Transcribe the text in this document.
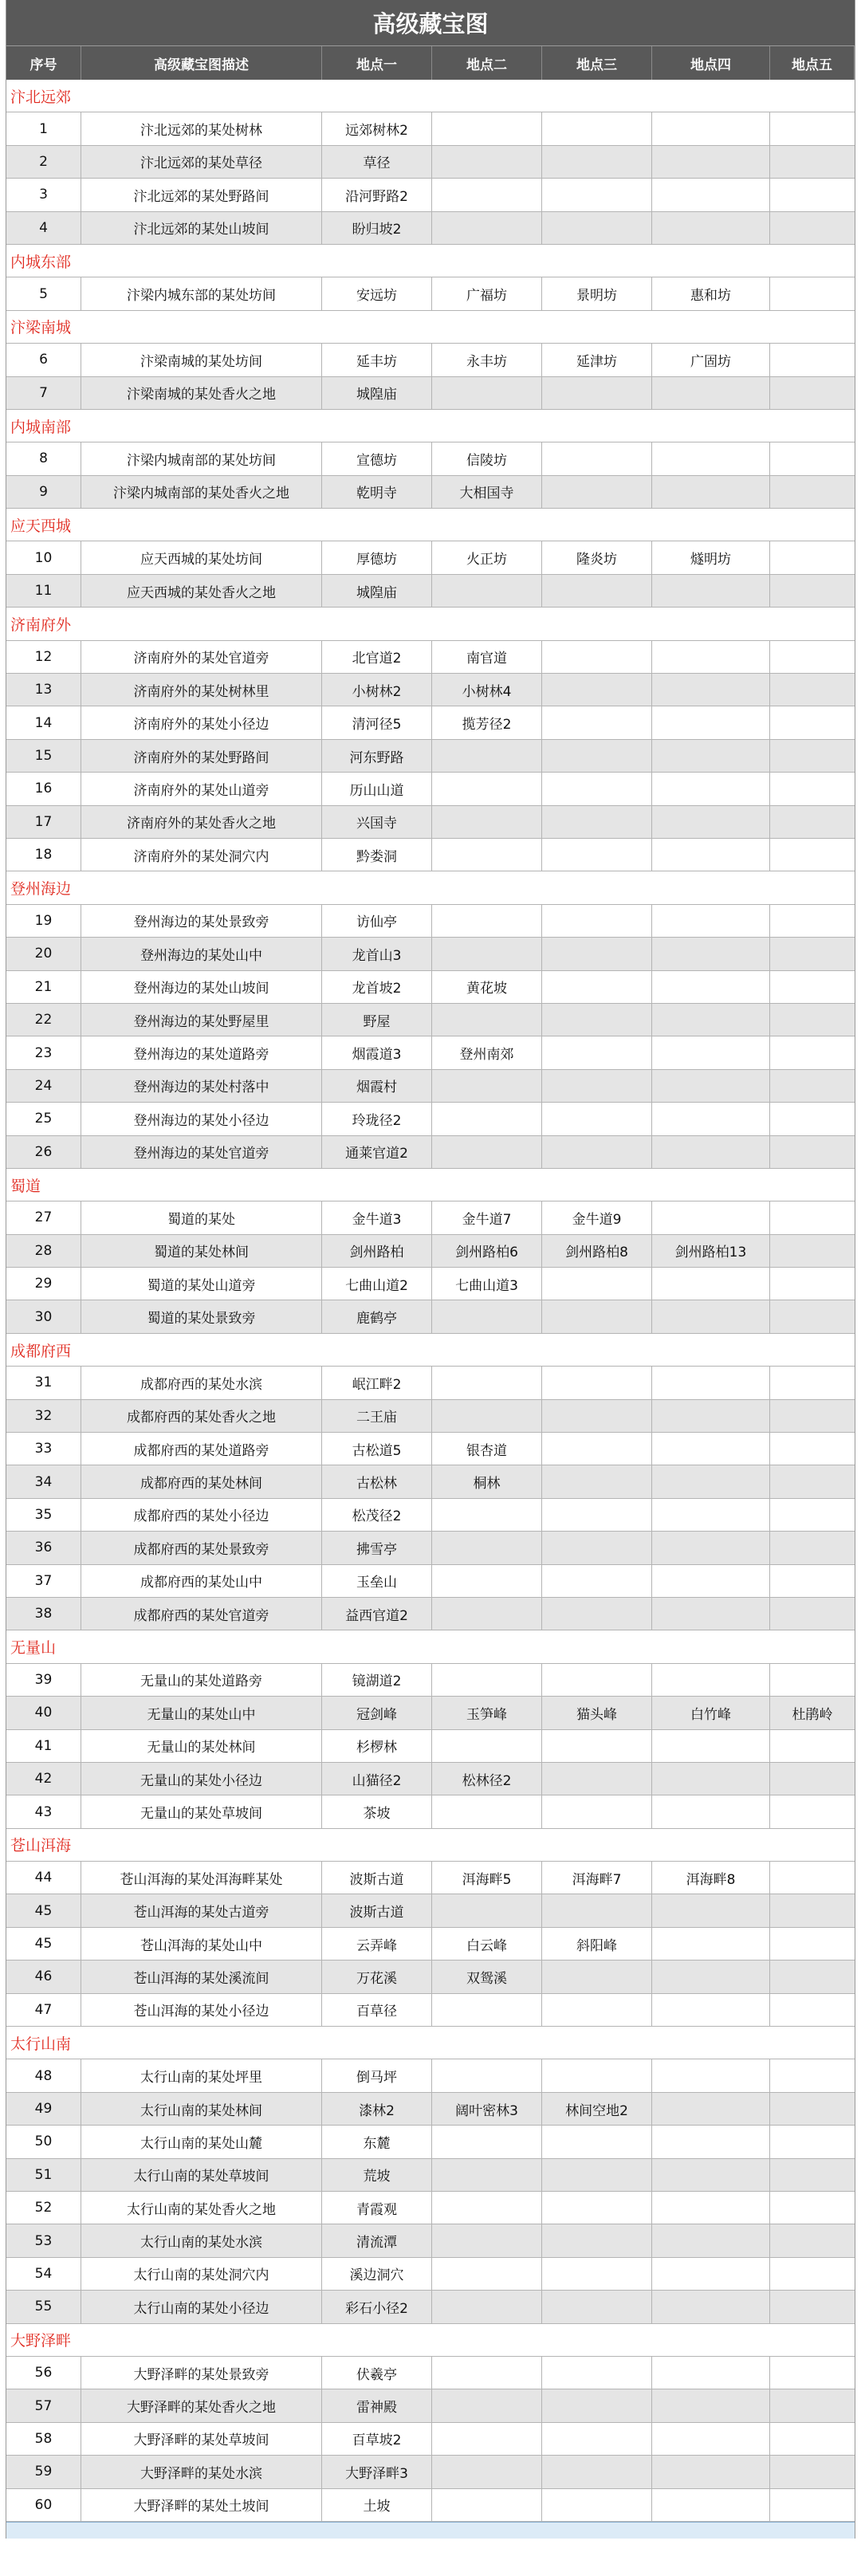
高级藏宝图
序号	高级藏宝图描述	地点一	地点二	地点三	地点四	地点五
汴北远郊
1	汴北远郊的某处树林	远郊树林2
2	汴北远郊的某处草径	草径
3	汴北远郊的某处野路间	沿河野路2
4	汴北远郊的某处山坡间	盼归坡2
内城东部
5	汴梁内城东部的某处坊间	安远坊	广福坊	景明坊	惠和坊
汴梁南城
6	汴梁南城的某处坊间	延丰坊	永丰坊	延津坊	广固坊
7	汴梁南城的某处香火之地	城隍庙
内城南部
8	汴梁内城南部的某处坊间	宣德坊	信陵坊
9	汴梁内城南部的某处香火之地	乾明寺	大相国寺
应天西城
10	应天西城的某处坊间	厚德坊	火正坊	隆炎坊	燧明坊
11	应天西城的某处香火之地	城隍庙
济南府外
12	济南府外的某处官道旁	北官道2	南官道
13	济南府外的某处树林里	小树林2	小树林4
14	济南府外的某处小径边	清河径5	揽芳径2
15	济南府外的某处野路间	河东野路
16	济南府外的某处山道旁	历山山道
17	济南府外的某处香火之地	兴国寺
18	济南府外的某处洞穴内	黔娄洞
登州海边
19	登州海边的某处景致旁	访仙亭
20	登州海边的某处山中	龙首山3
21	登州海边的某处山坡间	龙首坡2	黄花坡
22	登州海边的某处野屋里	野屋
23	登州海边的某处道路旁	烟霞道3	登州南郊
24	登州海边的某处村落中	烟霞村
25	登州海边的某处小径边	玲珑径2
26	登州海边的某处官道旁	通莱官道2
蜀道
27	蜀道的某处	金牛道3	金牛道7	金牛道9
28	蜀道的某处林间	剑州路柏	剑州路柏6	剑州路柏8	剑州路柏13
29	蜀道的某处山道旁	七曲山道2	七曲山道3
30	蜀道的某处景致旁	鹿鹤亭
成都府西
31	成都府西的某处水滨	岷江畔2
32	成都府西的某处香火之地	二王庙
33	成都府西的某处道路旁	古松道5	银杏道
34	成都府西的某处林间	古松林	桐林
35	成都府西的某处小径边	松茂径2
36	成都府西的某处景致旁	拂雪亭
37	成都府西的某处山中	玉垒山
38	成都府西的某处官道旁	益西官道2
无量山
39	无量山的某处道路旁	镜湖道2
40	无量山的某处山中	冠剑峰	玉笋峰	猫头峰	白竹峰	杜鹃岭
41	无量山的某处林间	杉椤林
42	无量山的某处小径边	山猫径2	松林径2
43	无量山的某处草坡间	茶坡
苍山洱海
44	苍山洱海的某处洱海畔某处	波斯古道	洱海畔5	洱海畔7	洱海畔8
45	苍山洱海的某处古道旁	波斯古道
45	苍山洱海的某处山中	云弄峰	白云峰	斜阳峰
46	苍山洱海的某处溪流间	万花溪	双鸳溪
47	苍山洱海的某处小径边	百草径
太行山南
48	太行山南的某处坪里	倒马坪
49	太行山南的某处林间	漆林2	阔叶密林3	林间空地2
50	太行山南的某处山麓	东麓
51	太行山南的某处草坡间	荒坡
52	太行山南的某处香火之地	青霞观
53	太行山南的某处水滨	清流潭
54	太行山南的某处洞穴内	溪边洞穴
55	太行山南的某处小径边	彩石小径2
大野泽畔
56	大野泽畔的某处景致旁	伏羲亭
57	大野泽畔的某处香火之地	雷神殿
58	大野泽畔的某处草坡间	百草坡2
59	大野泽畔的某处水滨	大野泽畔3
60	大野泽畔的某处土坡间	土坡
